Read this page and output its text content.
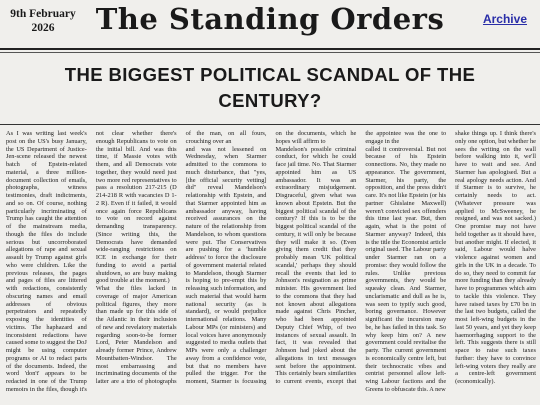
9th February 2026	The Standing Orders	Archive
THE BIGGEST POLITICAL SCANDAL OF THE CENTURY?

As I was writing last week's post on the US's busy January, the US Department of Justice-Jen-scene released the newest batch of Epstein-related material, a three million-document collection of emails, photographs, witness testimonies, draft indictments, and so on. Of course, nothing particularly incriminating of Trump has caught the attention of the mainstream media, though the files do include serious but uncorroborated allegations of rape and sexual assault by Trump against girls who were children. Like the previous releases, the pages and pages of files are littered with redactions, consistently obscuring names and email addresses of obvious perpetrators and repeatedly exposing the identities of victims. The haphazard and inconsistent redactions have caused some to suggest the DoJ might be using computer programs or AI to redact parts of the documents. Indeed, the word 'don't' appears to be redacted in one of the Trump memoirs in the files, though it's not clear whether there's enough Republicans to vote on the initial bill. And was this time, if Massie votes with them, and all Democrats vote together, they would need just two more red representatives to pass a resolution 217-215 (D 214-218 R with vacancies D 1-2 R). Even if it failed, it would once again force Republicans to vote on record against demanding transparency. (Since writing this, the Democrats have demanded wide-ranging restrictions on ICE in exchange for their funding to avoid a partial shutdown, so are busy making good trouble at the moment.)

What the files lacked in coverage of major American political figures, they more than made up for this side of the Atlantic in their inclusion of new and revelatory materials regarding soon-to-be former Lord, Peter Mandelson and already former Prince, Andrew Mountbatten-Windsor. The most embarrassing and incriminating documents of the latter are a trio of photographs of the man, on all fours, crouching over an

and was not lessened on Wednesday, when Starmer admitted to the commons to much disturbance, that "yes, [the official security vetting] did" reveal Mandelson's relationship with Epstein, and that Starmer appointed him as ambassador anyway, having received assurances on the nature of the relationship from Mandelson, to whom questions were put. The Conservatives are pushing for a 'humble address' to force the disclosure of government material related to Mandelson, though Starmer is hoping to pre-empt this by releasing such information, and such material that would harm national security (as is standard), or would prejudice international relations. Many Labour MPs (or ministers) and local voices have anonymously suggested to media outlets that MPs were only a challenger away from a confidence vote, but that no members have pulled the trigger. For the moment, Starmer is focussing on the documents, which he hopes will affirm to

Mandelson's possible criminal conduct, for which he could face jail time. No. That Starmer appointed him as US ambassador. It was an extraordinary misjudgement. Disgraceful, given what was known about Epstein. But the biggest political scandal of the century? If this is to be the biggest political scandal of the century, it will only be because they will make it so. (Even giving them credit that they probably mean 'UK political scandal,' perhaps they should recall the events that led to Johnson's resignation as prime minister. His government lied to the commons that they had not known about allegations made against Chris Pincher, who had been appointed Deputy Chief Whip, of two instances of sexual assault. In fact, it was revealed that Johnson had joked about the allegations in text messages sent before the appointment. This certainly bears similarities to current events, except that the appointee was the one to engage in the

called it controversial. But not because of his Epstein connections. No, they made no appearance. The government, Starmer, his party, the opposition, and the press didn't care. It's not like Epstein (or his partner Ghislaine Maxwell) weren't convicted sex offenders this time last year. But, then again, what is the point of Starmer anyway? Indeed, this is the title the Economist article original used. The Labour party under Starmer ran on a promise: they would follow the rules. Unlike previous governments, they would be squeaky clean. And Starmer, unclarismatic and dull as he is, was seen to typify such good, boring governance. However significant the incursion may be, he has failed in this task. So why keep him on? A new government could revitalise the party. The current government is economically centre left, but their technocratic vibes and centrist personnel allow left-wing Labour factions and the Greens to obfuscate this. A new

shake things up. I think there's only one option, but whether he sees the writing on the wall before walking into it, we'll have to wait and see. And Starmer has apologised. But a real apology needs action. And if Starmer is to survive, he certainly needs to act. (Whatever pressure was applied to McSweeney, he resigned, and was not sacked.) One promise may not have held together as it should have, but another might. If elected, it said, Labour would halve violence against women and girls in the UK in a decade. To do so, they need to commit far more funding than they already have to programmes which aim to tackle this violence. They have raised taxes by £70 bn in the last two budgets, called the most left-wing budgets in the last 50 years, and yet they keep haemorrhaging support to the left. This suggests there is still space to raise such taxes further: they have to convince left-wing voters they really are a centre-left government (economically).
